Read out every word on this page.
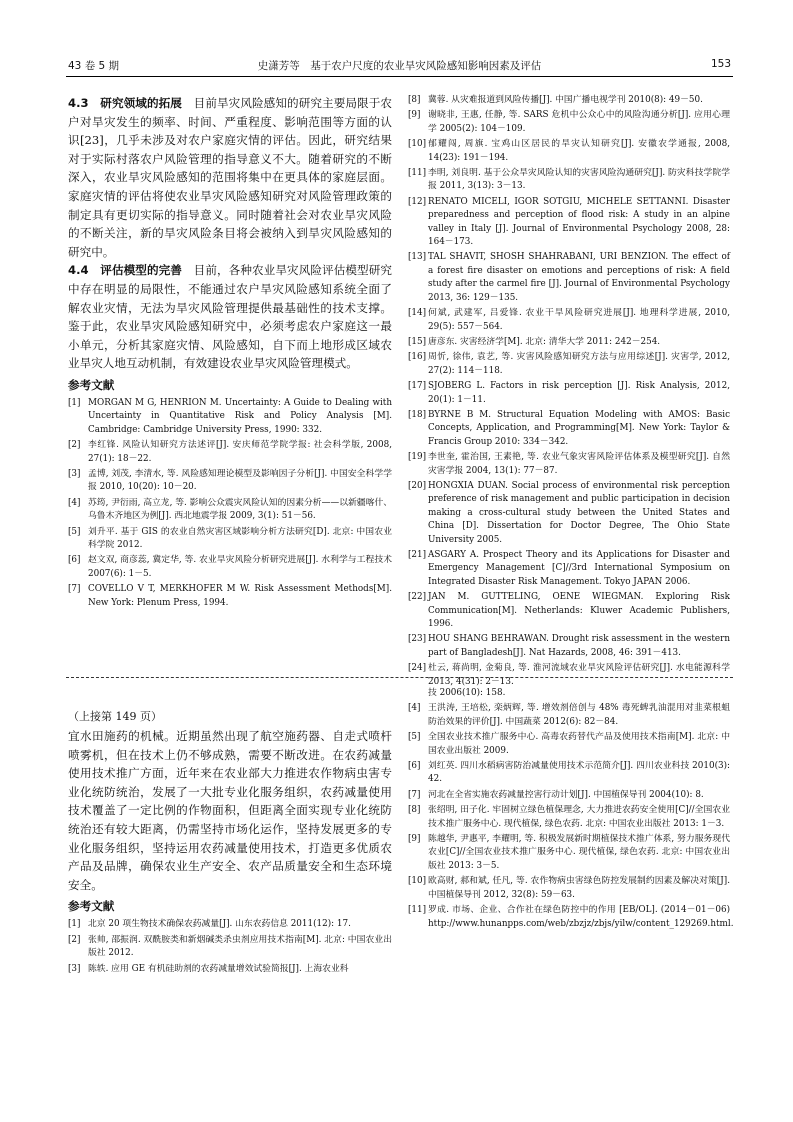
43 卷 5 期	史潇芳等　基于农户尺度的农业旱灾风险感知影响因素及评估	153

4.3　研究领域的拓展　目前旱灾风险感知的研究主要局限于农户对旱灾发生的频率、时间、严重程度、影响范围等方面的认识[23]，几乎未涉及对农户家庭灾情的评估。因此，研究结果对于实际村落农户风险管理的指导意义不大。随着研究的不断深入，农业旱灾风险感知的范围将集中在更具体的家庭层面。家庭灾情的评估将使农业旱灾风险感知研究对风险管理政策的制定具有更切实际的指导意义。同时随着社会对农业旱灾风险的不断关注，新的旱灾风险条目将会被纳入到旱灾风险感知的研究中。

4.4　评估模型的完善　目前，各种农业旱灾风险评估模型研究中存在明显的局限性，不能通过农户旱灾风险感知系统全面了解农业灾情，无法为旱灾风险管理提供最基础性的技术支撑。鉴于此，农业旱灾风险感知研究中，必须考虑农户家庭这一最小单元，分析其家庭灾情、风险感知，自下而上地形成区域农业旱灾人地互动机制，有效建设农业旱灾风险管理模式。

参考文献
[1] MORGAN M G, HENRION M. Uncertainty: A Guide to Dealing with Uncertainty in Quantitative Risk and Policy Analysis [M]. Cambridge: Cambridge University Press, 1990: 332.
[2] 李红锋. 风险认知研究方法述评[J]. 安庆师范学院学报: 社会科学版, 2008, 27(1): 18－22.
[3] 孟博, 刘茂, 李清水, 等. 风险感知理论模型及影响因子分析[J]. 中国安全科学学报 2010, 10(20): 10－20.
[4] 苏筠, 尹衍雨, 高立龙, 等. 影响公众震灾风险认知的因素分析——以新疆喀什、乌鲁木齐地区为例[J]. 西北地震学报 2009, 3(1): 51－56.
[5] 刘升平. 基于 GIS 的农业自然灾害区域影响分析方法研究[D]. 北京: 中国农业科学院 2012.
[6] 赵文双, 商彦蕊, 冀定华, 等. 农业旱灾风险分析研究进展[J]. 水利学与工程技术 2007(6): 1－5.
[7] COVELLO V T, MERKHOFER M W. Risk Assessment Methods[M]. New York: Plenum Press, 1994.
[8] 冀蓉. 从灾难报道到风险传播[J]. 中国广播电视学刊 2010(8): 49－50.
[9] 谢晓非, 王惠, 任静, 等. SARS 危机中公众心中的风险沟通分析[J]. 应用心理学 2005(2): 104－109.
[10] 郁耀闯, 周旗. 宝鸡山区居民的旱灾认知研究[J]. 安徽农学通报, 2008, 14(23): 191－194.
[11] 李明, 刘良明. 基于公众旱灾风险认知的灾害风险沟通研究[J]. 防灾科技学院学报 2011, 3(13): 3－13.
[12] RENATO MICELI, IGOR SOTGIU, MICHELE SETTANNI. Disaster preparedness and perception of flood risk: A study in an alpine valley in Italy [J]. Journal of Environmental Psychology 2008, 28: 164－173.
[13] TAL SHAVIT, SHOSH SHAHRABANI, URI BENZION. The effect of a forest fire disaster on emotions and perceptions of risk: A field study after the carmel fire [J]. Journal of Environmental Psychology 2013, 36: 129－135.
[14] 何斌, 武建军, 吕爱锋. 农业干旱风险研究进展[J]. 地理科学进展, 2010, 29(5): 557－564.
[15] 唐彦东. 灾害经济学[M]. 北京: 清华大学 2011: 242－254.
[16] 周忻, 徐伟, 袁艺, 等. 灾害风险感知研究方法与应用综述[J]. 灾害学, 2012, 27(2): 114－118.
[17] SJOBERG L. Factors in risk perception [J]. Risk Analysis, 2012, 20(1): 1－11.
[18] BYRNE B M. Structural Equation Modeling with AMOS: Basic Concepts, Application, and Programming[M]. New York: Taylor & Francis Group 2010: 334－342.
[19] 李世奎, 霍治国, 王素艳, 等. 农业气象灾害风险评估体系及模型研究[J]. 自然灾害学报 2004, 13(1): 77－87.
[20] HONGXIA DUAN. Social process of environmental risk perception preference of risk management and public participation in decision making a cross-cultural study between the United States and China [D]. Dissertation for Doctor Degree, The Ohio State University 2005.
[21] ASGARY A. Prospect Theory and its Applications for Disaster and Emergency Management [C]//3rd International Symposium on Integrated Disaster Risk Management. Tokyo JAPAN 2006.
[22] JAN M. GUTTELING, OENE WIEGMAN. Exploring Risk Communication[M]. Netherlands: Kluwer Academic Publishers, 1996.
[23] HOU SHANG BEHRAWAN. Drought risk assessment in the western part of Bangladesh[J]. Nat Hazards, 2008, 46: 391－413.
[24] 杜云, 蒋尚明, 金菊良, 等. 淮河流域农业旱灾风险评估研究[J]. 水电能源科学 2013, 4(31): 2－13.
（上接第 149 页）

宜水田施药的机械。近期虽然出现了航空施药器、自走式喷杆喷雾机，但在技术上仍不够成熟，需要不断改进。在农药减量使用技术推广方面，近年来在农业部大力推进农作物病虫害专业化统防统治，发展了一大批专业化服务组织，农药减量使用技术覆盖了一定比例的作物面积，但距离全面实现专业化统防统治还有较大距离，仍需坚持市场化运作，坚持发展更多的专业化服务组织，坚持运用农药减量使用技术，打造更多优质农产品及品牌，确保农业生产安全、农产品质量安全和生态环境安全。

参考文献
[1] 北京 20 项生物技术确保农药减量[J]. 山东农药信息 2011(12): 17.
[2] 张帅, 邵振润. 双酰胺类和新烟碱类杀虫剂应用技术指南[M]. 北京: 中国农业出版社 2012.
[3] 陈轶. 应用 GE 有机硅助剂的农药减量增效试验简报[J]. 上海农业科
技 2006(10): 158.
[4] 王洪涛, 王培松, 栾炳辉, 等. 增效剂倍创与 48% 毒死蜱乳油混用对韭菜根蛆防治效果的评价[J]. 中国蔬菜 2012(6): 82－84.
[5] 全国农业技术推广服务中心. 高毒农药替代产品及使用技术指南[M]. 北京: 中国农业出版社 2009.
[6] 刘红英. 四川水稻病害防治减量使用技术示范简介[J]. 四川农业科技 2010(3): 42.
[7] 河北在全省实施农药减量控害行动计划[J]. 中国植保导刊 2004(10): 8.
[8] 张绍明, 田子化. 牢固树立绿色植保理念, 大力推进农药安全使用[C]//全国农业技术推广服务中心. 现代植保, 绿色农药. 北京: 中国农业出版社 2013: 1－3.
[9] 陈越华, 尹惠平, 李耀明, 等. 积极发展新时期植保技术推广体系, 努力服务现代农业[C]//全国农业技术推广服务中心. 现代植保, 绿色农药. 北京: 中国农业出版社 2013: 3－5.
[10] 欧高财, 郝和斌, 任凡, 等. 农作物病虫害绿色防控发展制约因素及解决对策[J]. 中国植保导刊 2012, 32(8): 59－63.
[11] 罗成. 市场、企业、合作社在绿色防控中的作用 [EB/OL]. (2014－01－06) http://www.hunanpps.com/web/zbzjz/zbjs/yilw/content_129269.html.
